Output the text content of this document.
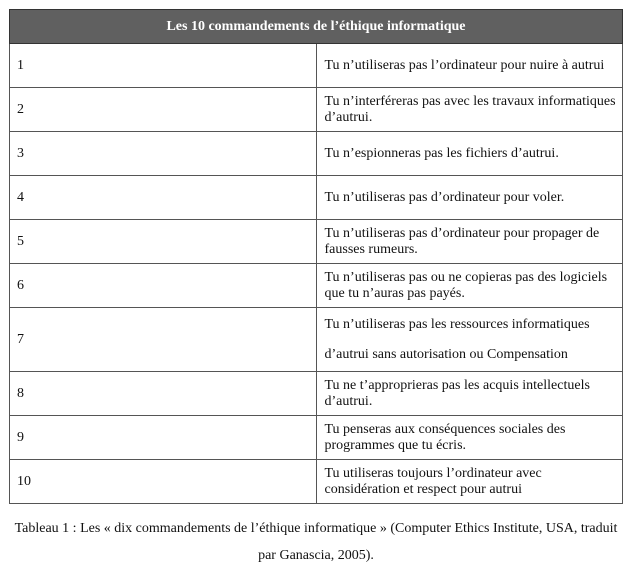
Les 10 commandements de l’éthique informatique	
1	Tu n’utiliseras pas l’ordinateur pour nuire à autrui
2	Tu n’interféreras pas avec les travaux informatiques d’autrui.
3	Tu n’espionneras pas les fichiers d’autrui.
4	Tu n’utiliseras pas d’ordinateur pour voler.
5	Tu n’utiliseras pas d’ordinateur pour propager de fausses rumeurs.
6	Tu n’utiliseras pas ou ne copieras pas des logiciels que tu n’auras pas payés.
7	Tu n’utiliseras pas les ressources informatiques d’autrui sans autorisation ou Compensation
8	Tu ne t’approprieras pas les acquis intellectuels d’autrui.
9	Tu penseras aux conséquences sociales des programmes que tu écris.
10	Tu utiliseras toujours l’ordinateur avec considération et respect pour autrui
Tableau 1 : Les « dix commandements de l’éthique informatique » (Computer Ethics Institute, USA, traduit par Ganascia, 2005).
